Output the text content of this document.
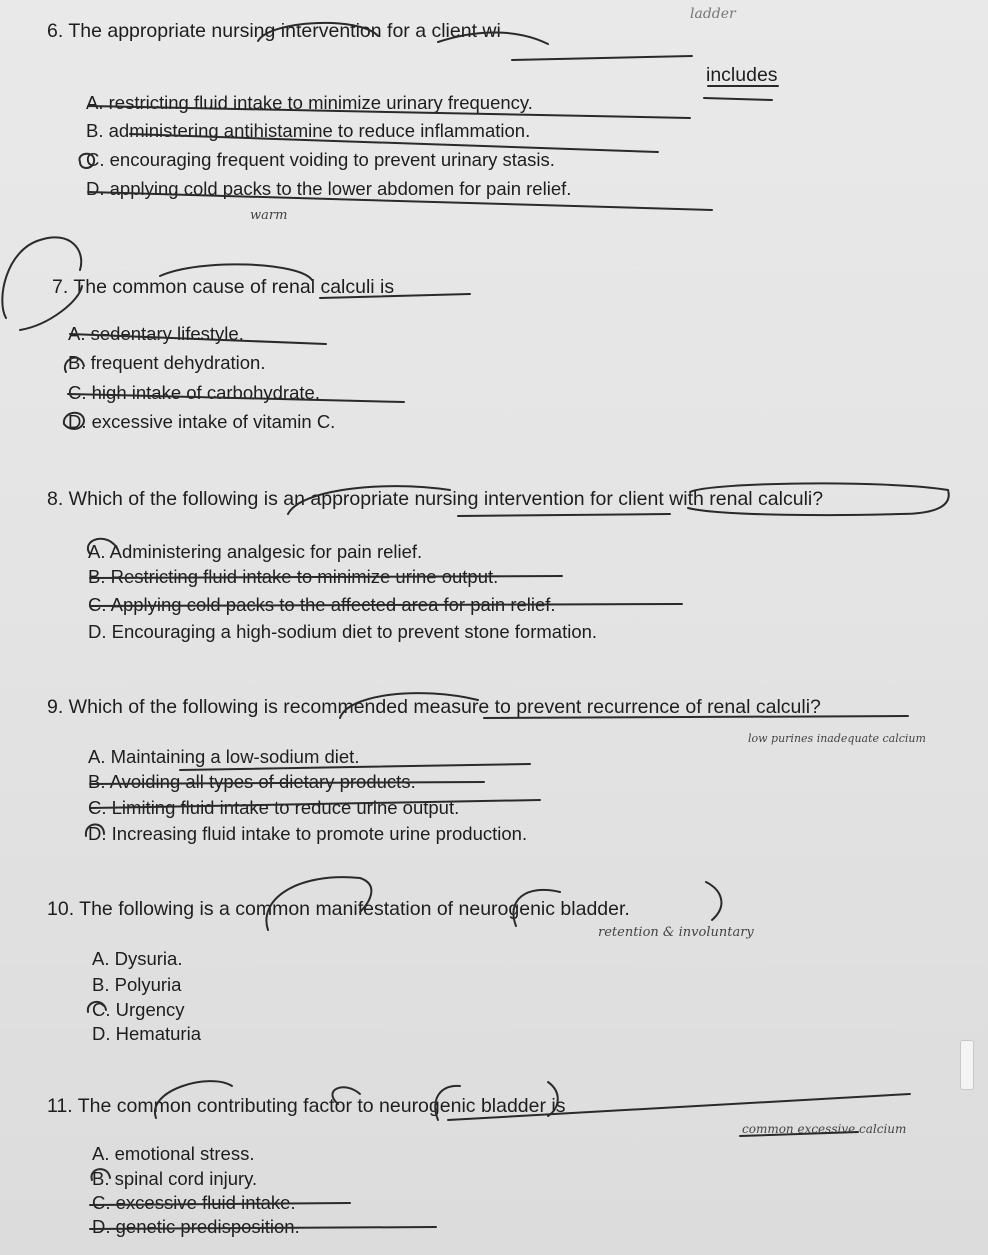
6. The appropriate nursing intervention for a client wi
includes
A. restricting fluid intake to minimize urinary frequency.
B. administering antihistamine to reduce inflammation.
C. encouraging frequent voiding to prevent urinary stasis.
D. applying cold packs to the lower abdomen for pain relief.
7. The common cause of renal calculi is
A. sedentary lifestyle.
B. frequent dehydration.
C. high intake of carbohydrate.
D. excessive intake of vitamin C.
8. Which of the following is an appropriate nursing intervention for client with renal calculi?
A. Administering analgesic for pain relief.
B. Restricting fluid intake to minimize urine output.
C. Applying cold packs to the affected area for pain relief.
D. Encouraging a high-sodium diet to prevent stone formation.
9. Which of the following is recommended measure to prevent recurrence of renal calculi?
A. Maintaining a low-sodium diet.
B. Avoiding all types of dietary products.
C. Limiting fluid intake to reduce urine output.
D. Increasing fluid intake to promote urine production.
10. The following is a common manifestation of neurogenic bladder.
A. Dysuria.
B. Polyuria
C. Urgency
D. Hematuria
11. The common contributing factor to neurogenic bladder is
A. emotional stress.
B. spinal cord injury.
C. excessive fluid intake.
D. genetic predisposition.
ladder
warm
low purines inadequate calcium
retention & involuntary
common excessive calcium
